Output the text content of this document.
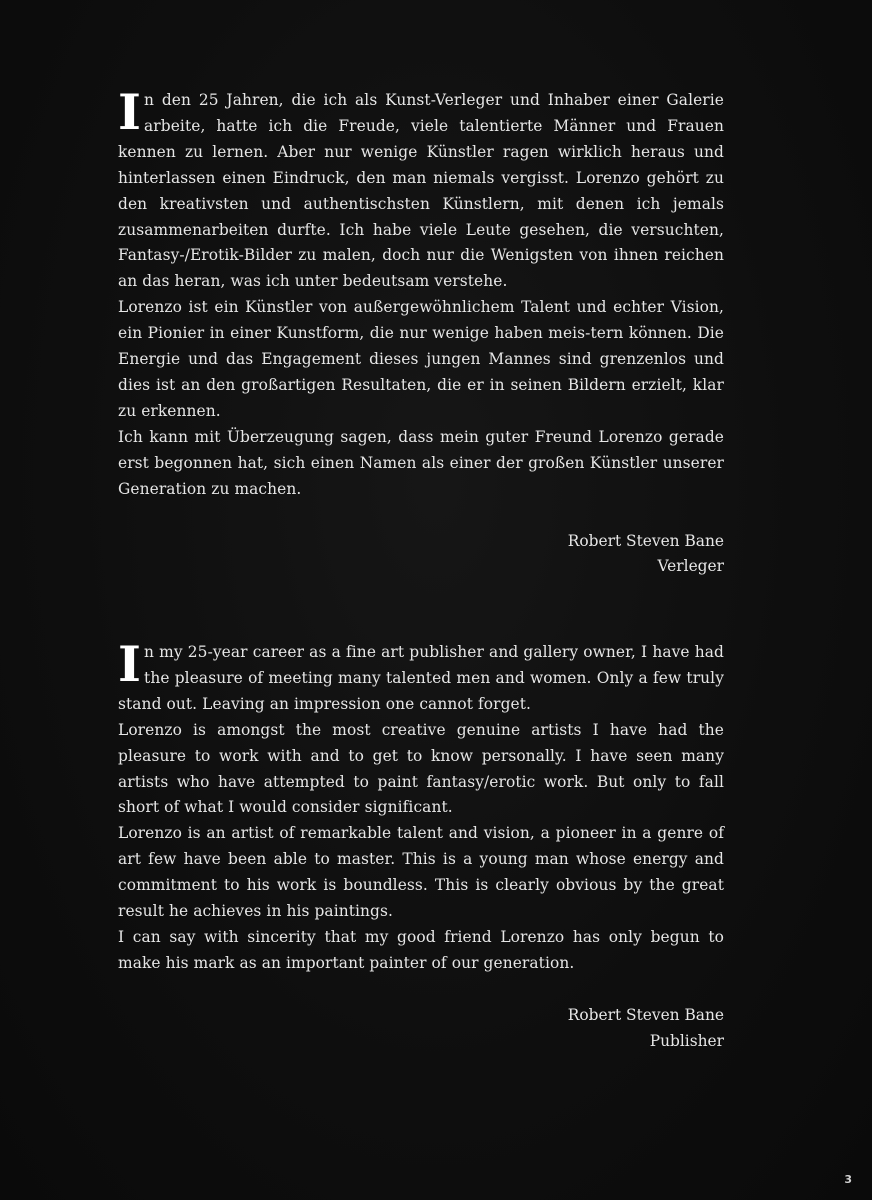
In den 25 Jahren, die ich als Kunst-Verleger und Inhaber einer Galerie arbeite, hatte ich die Freude, viele talentierte Männer und Frauen kennen zu lernen. Aber nur wenige Künstler ragen wirklich heraus und hinterlassen einen Eindruck, den man niemals vergisst. Lorenzo gehört zu den kreativsten und authentischsten Künstlern, mit denen ich jemals zusammenarbeiten durfte. Ich habe viele Leute gesehen, die versuchten, Fantasy-/Erotik-Bilder zu malen, doch nur die Wenigsten von ihnen reichen an das heran, was ich unter bedeutsam verstehe.

Lorenzo ist ein Künstler von außergewöhnlichem Talent und echter Vision, ein Pionier in einer Kunstform, die nur wenige haben meis-tern können. Die Energie und das Engagement dieses jungen Mannes sind grenzenlos und dies ist an den großartigen Resultaten, die er in seinen Bildern erzielt, klar zu erkennen.

Ich kann mit Überzeugung sagen, dass mein guter Freund Lorenzo gerade erst begonnen hat, sich einen Namen als einer der großen Künstler unserer Generation zu machen.

Robert Steven Bane
Verleger

In my 25-year career as a fine art publisher and gallery owner, I have had the pleasure of meeting many talented men and women. Only a few truly stand out. Leaving an impression one cannot forget.

Lorenzo is amongst the most creative genuine artists I have had the pleasure to work with and to get to know personally. I have seen many artists who have attempted to paint fantasy/erotic work. But only to fall short of what I would consider significant.

Lorenzo is an artist of remarkable talent and vision, a pioneer in a genre of art few have been able to master. This is a young man whose energy and commitment to his work is boundless. This is clearly obvious by the great result he achieves in his paintings.

I can say with sincerity that my good friend Lorenzo has only begun to make his mark as an important painter of our generation.

Robert Steven Bane
Publisher
3
